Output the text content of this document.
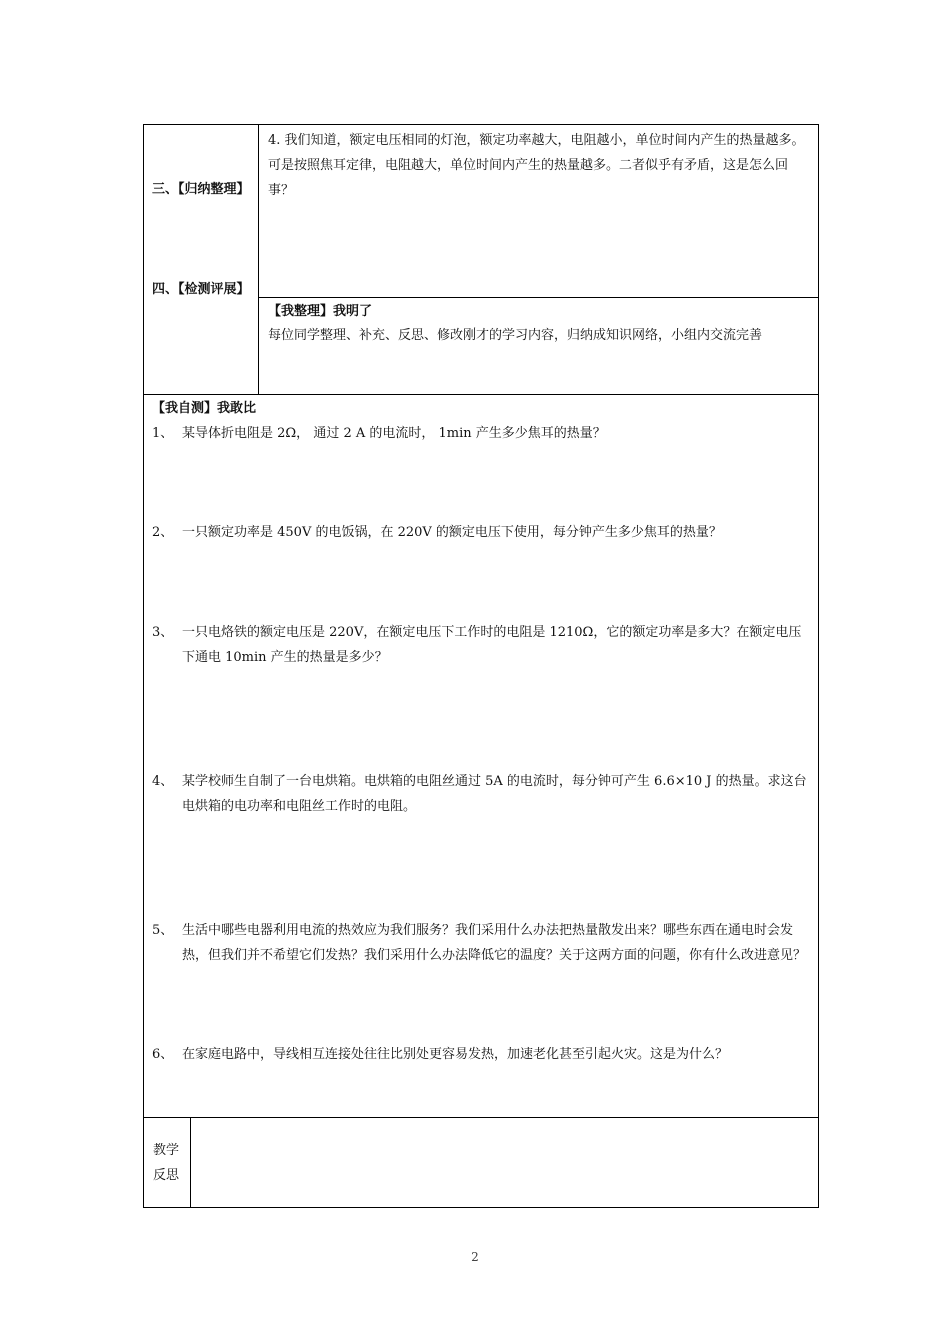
三、【归纳整理】
四、【检测评展】
4. 我们知道，额定电压相同的灯泡，额定功率越大，电阻越小，单位时间内产生的热量越多。可是按照焦耳定律，电阻越大，单位时间内产生的热量越多。二者似乎有矛盾，这是怎么回事？
【我整理】我明了
每位同学整理、补充、反思、修改刚才的学习内容，归纳成知识网络，小组内交流完善
【我自测】我敢比
1、 某导体折电阻是 2Ω， 通过 2 A 的电流时， 1min 产生多少焦耳的热量？
2、 一只额定功率是 450V 的电饭锅，在 220V 的额定电压下使用，每分钟产生多少焦耳的热量？
3、 一只电烙铁的额定电压是 220V，在额定电压下工作时的电阻是 1210Ω，它的额定功率是多大？在额定电压下通电 10min 产生的热量是多少？
4、 某学校师生自制了一台电烘箱。电烘箱的电阻丝通过 5A 的电流时，每分钟可产生 6.6×10 J 的热量。求这台电烘箱的电功率和电阻丝工作时的电阻。
5、 生活中哪些电器利用电流的热效应为我们服务？我们采用什么办法把热量散发出来？哪些东西在通电时会发热，但我们并不希望它们发热？我们采用什么办法降低它的温度？关于这两方面的问题，你有什么改进意见？
6、 在家庭电路中，导线相互连接处往往比别处更容易发热，加速老化甚至引起火灾。这是为什么？
教学
反思
2
